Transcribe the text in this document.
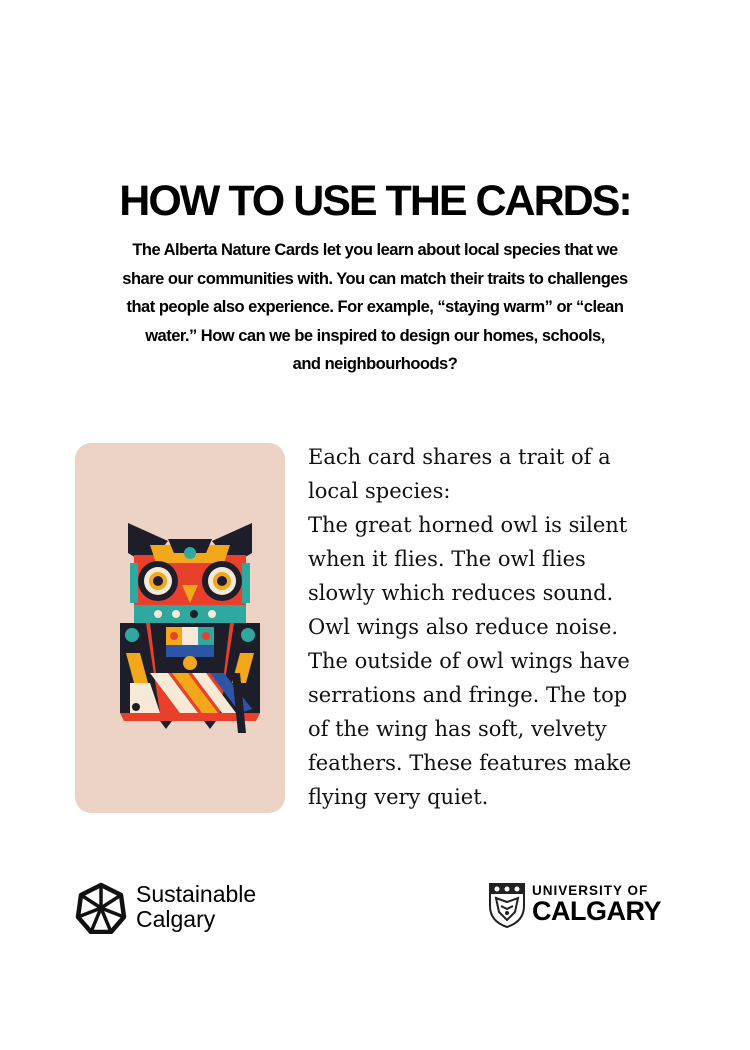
HOW TO USE THE CARDS:

The Alberta Nature Cards let you learn about local species that we
share our communities with. You can match their traits to challenges
that people also experience. For example, “staying warm” or “clean
water.” How can we be inspired to design our homes, schools,
and neighbourhoods?

Each card shares a trait of a
local species:
The great horned owl is silent
when it flies. The owl flies
slowly which reduces sound.
Owl wings also reduce noise.
The outside of owl wings have
serrations and fringe. The top
of the wing has soft, velvety
feathers. These features make
flying very quiet.

Sustainable
Calgary
UNIVERSITY OF
CALGARY
